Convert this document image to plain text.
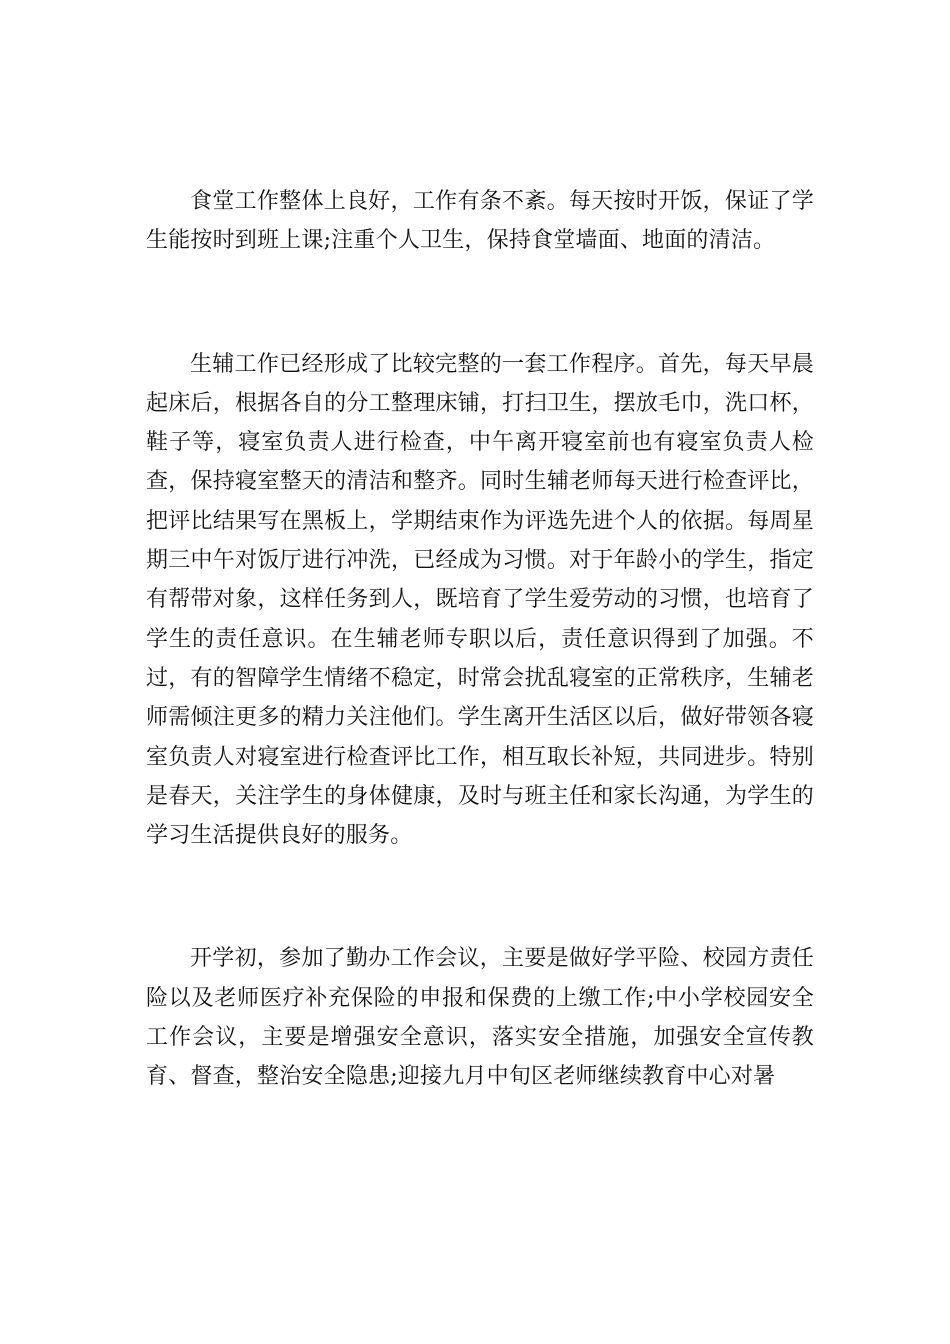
食堂工作整体上良好，工作有条不紊。每天按时开饭，保证了学生能按时到班上课;注重个人卫生，保持食堂墙面、地面的清洁。

生辅工作已经形成了比较完整的一套工作程序。首先，每天早晨起床后，根据各自的分工整理床铺，打扫卫生，摆放毛巾，洗口杯，鞋子等，寝室负责人进行检查，中午离开寝室前也有寝室负责人检查，保持寝室整天的清洁和整齐。同时生辅老师每天进行检查评比，把评比结果写在黑板上，学期结束作为评选先进个人的依据。每周星期三中午对饭厅进行冲洗，已经成为习惯。对于年龄小的学生，指定有帮带对象，这样任务到人，既培育了学生爱劳动的习惯，也培育了学生的责任意识。在生辅老师专职以后，责任意识得到了加强。不过，有的智障学生情绪不稳定，时常会扰乱寝室的正常秩序，生辅老师需倾注更多的精力关注他们。学生离开生活区以后，做好带领各寝室负责人对寝室进行检查评比工作，相互取长补短，共同进步。特别是春天，关注学生的身体健康，及时与班主任和家长沟通，为学生的学习生活提供良好的服务。

开学初，参加了勤办工作会议，主要是做好学平险、校园方责任险以及老师医疗补充保险的申报和保费的上缴工作;中小学校园安全工作会议，主要是增强安全意识，落实安全措施，加强安全宣传教育、督查，整治安全隐患;迎接九月中旬区老师继续教育中心对暑
